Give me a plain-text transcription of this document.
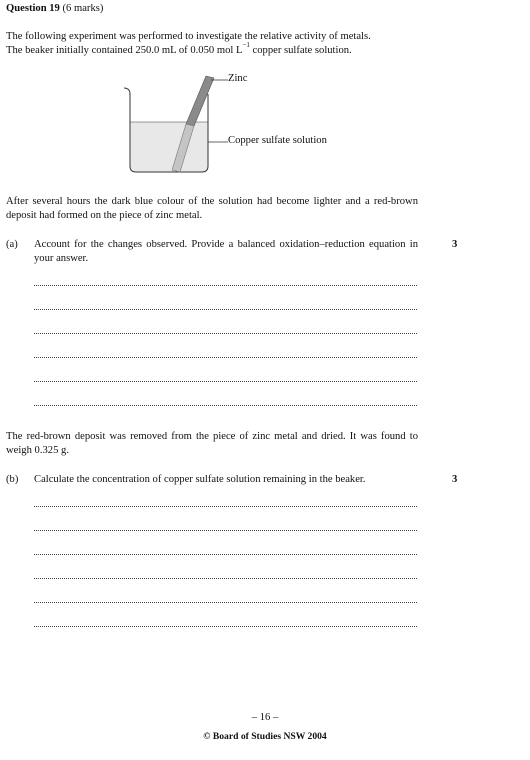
Question 19 (6 marks)
The following experiment was performed to investigate the relative activity of metals.
The beaker initially contained 250.0 mL of 0.050 mol $L^{-1}$ copper sulfate solution.
Zinc
Copper sulfate solution
After several hours the dark blue colour of the solution had become lighter and a red-brown deposit had formed on the piece of zinc metal.
(a) Account for the changes observed. Provide a balanced oxidation–reduction equation in your answer.
3
The red-brown deposit was removed from the piece of zinc metal and dried. It was found to weigh 0.325 g.
(b) Calculate the concentration of copper sulfate solution remaining in the beaker.	3
– 16 –
© Board of Studies NSW 2004
